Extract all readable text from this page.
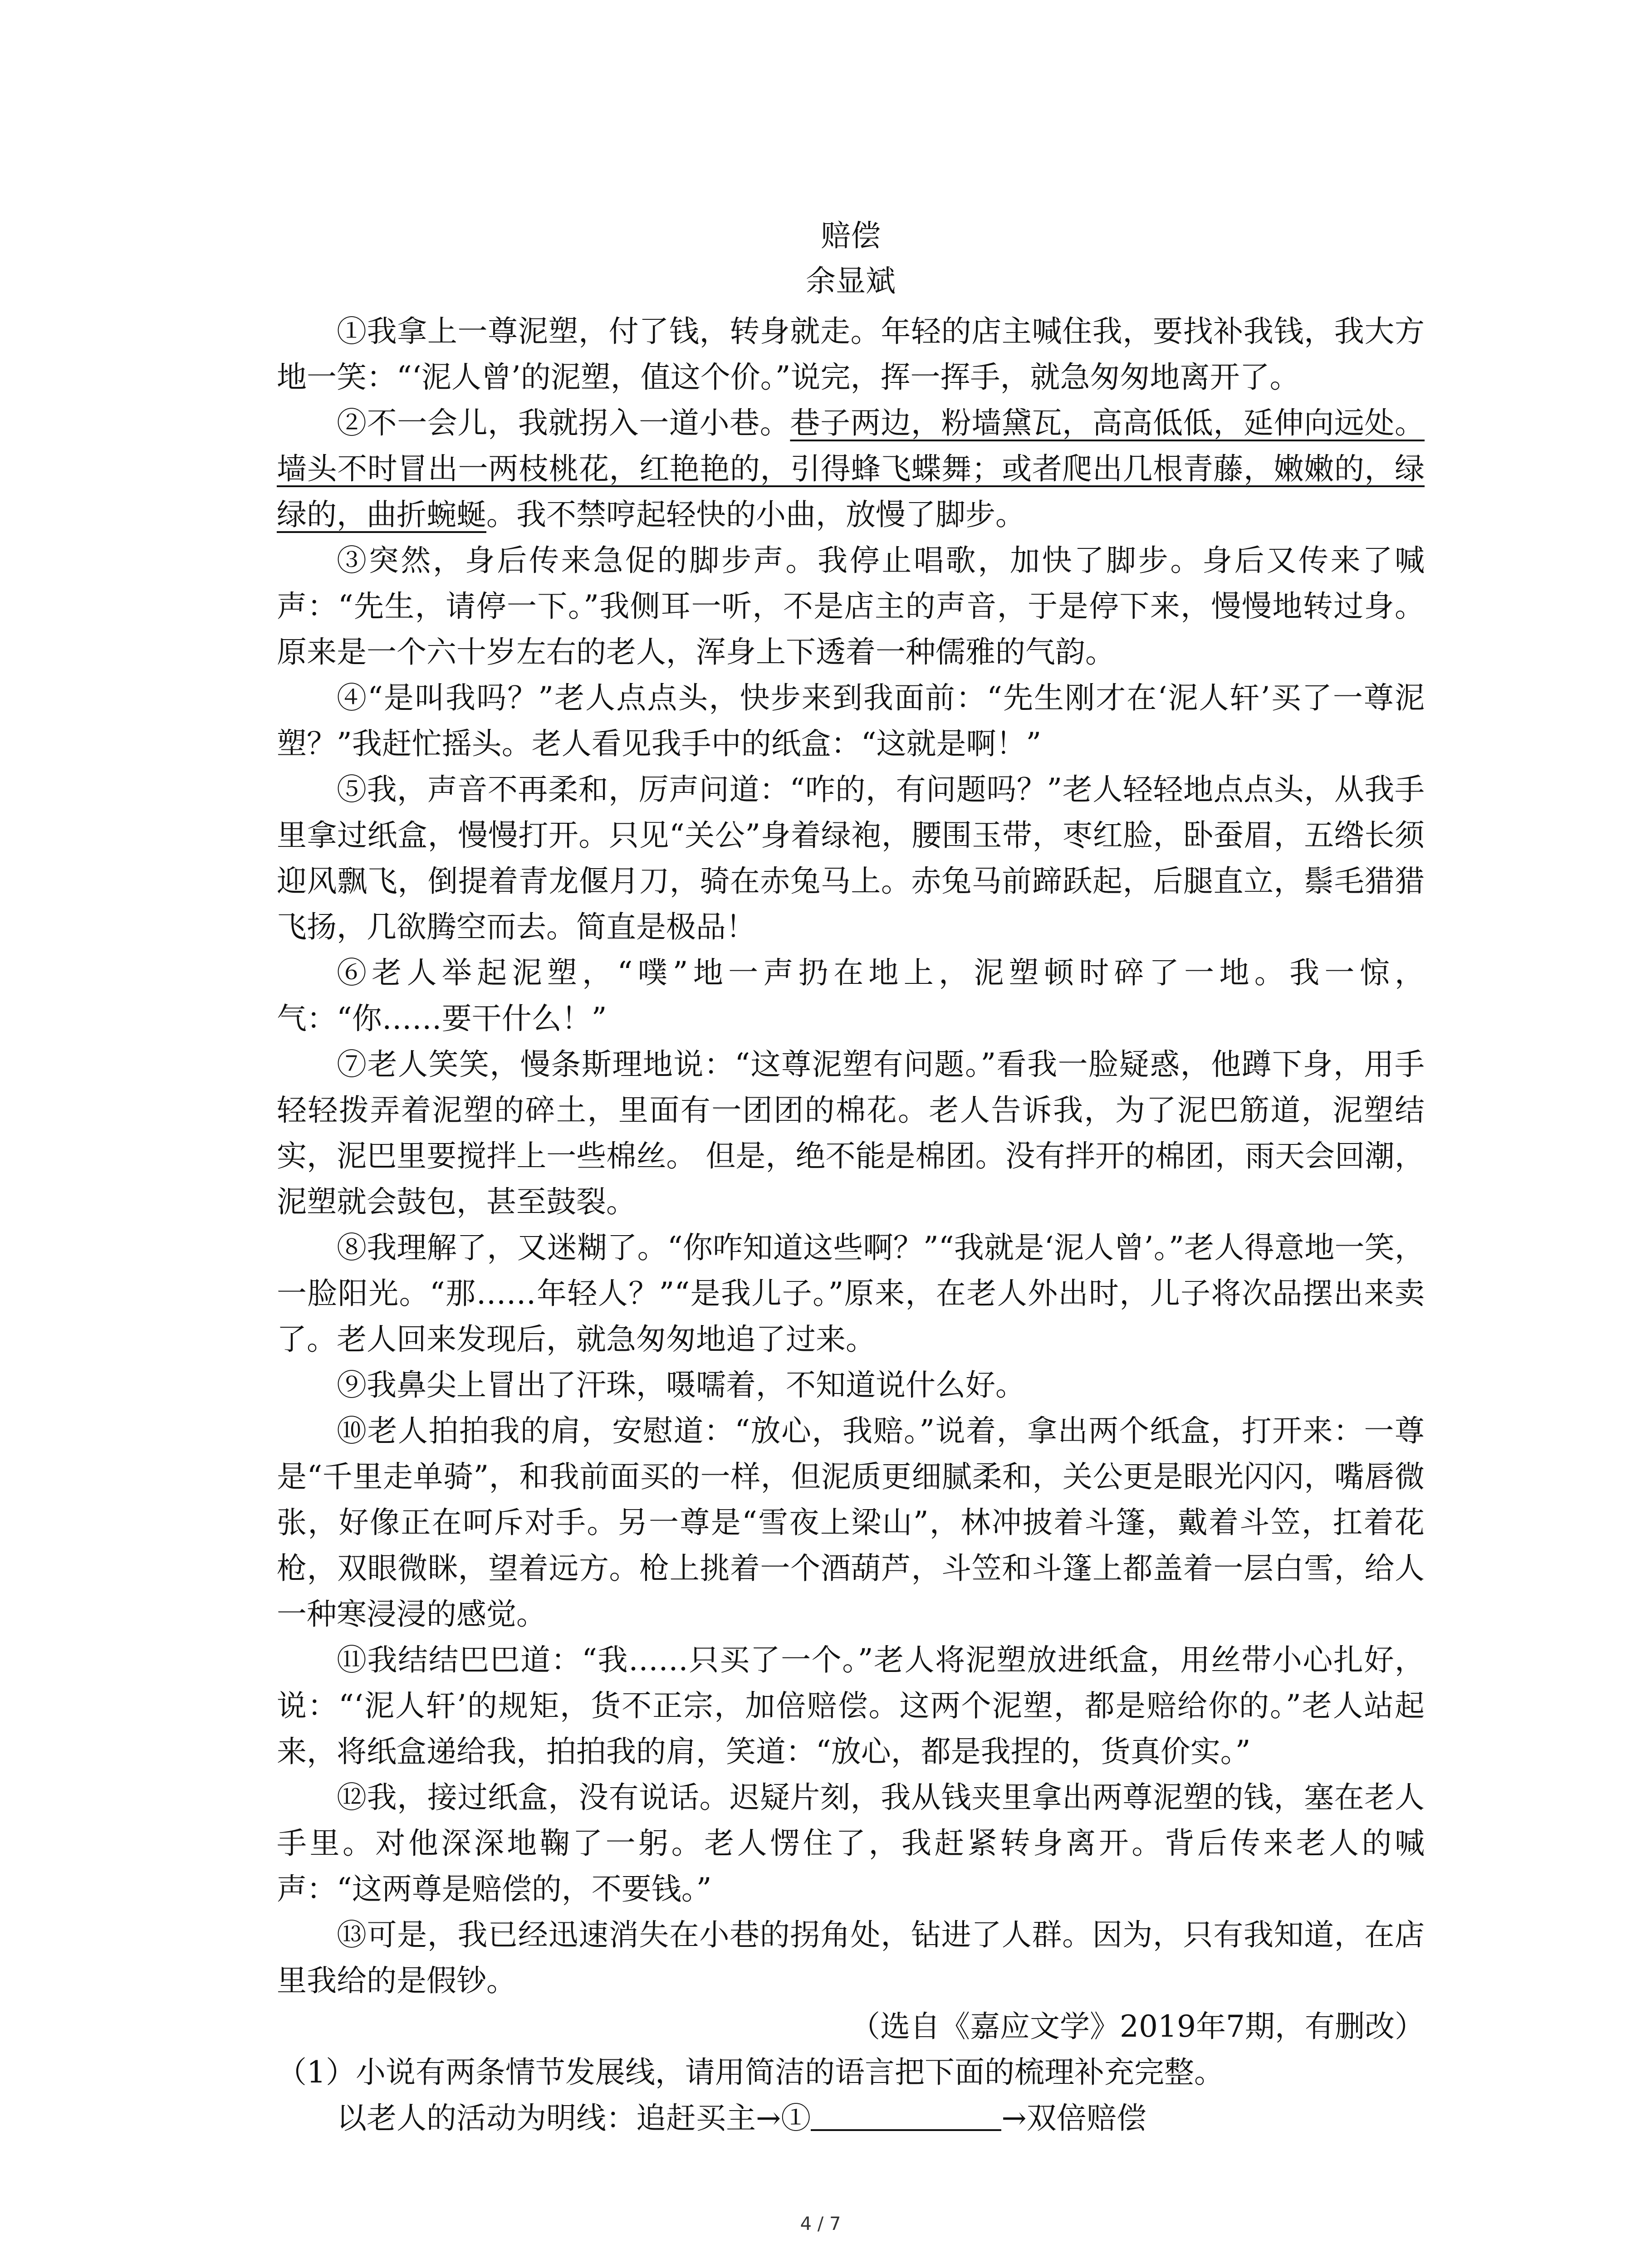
赔偿

余显斌

①我拿上一尊泥塑，付了钱，转身就走。年轻的店主喊住我，要找补我钱，我大方地一笑：“‘泥人曾’的泥塑，值这个价。”说完，挥一挥手，就急匆匆地离开了。

②不一会儿，我就拐入一道小巷。巷子两边，粉墙黛瓦，高高低低，延伸向远处。墙头不时冒出一两枝桃花，红艳艳的，引得蜂飞蝶舞；或者爬出几根青藤，嫩嫩的，绿绿的，曲折蜿蜒。我不禁哼起轻快的小曲，放慢了脚步。

③突然，身后传来急促的脚步声。我停止唱歌，加快了脚步。身后又传来了喊声：“先生，请停一下。”我侧耳一听，不是店主的声音，于是停下来，慢慢地转过身。原来是一个六十岁左右的老人，浑身上下透着一种儒雅的气韵。

④“是叫我吗？”老人点点头，快步来到我面前：“先生刚才在‘泥人轩’买了一尊泥塑？”我赶忙摇头。老人看见我手中的纸盒：“这就是啊！”

⑤我，声音不再柔和，厉声问道：“咋的，有问题吗？”老人轻轻地点点头，从我手里拿过纸盒，慢慢打开。只见“关公”身着绿袍，腰围玉带，枣红脸，卧蚕眉，五绺长须迎风飘飞，倒提着青龙偃月刀，骑在赤兔马上。赤兔马前蹄跃起，后腿直立，鬃毛猎猎飞扬，几欲腾空而去。简直是极品！

⑥老人举起泥塑，“噗”地一声扔在地上，泥塑顿时碎了一地。我一惊，气：“你……要干什么！”

⑦老人笑笑，慢条斯理地说：“这尊泥塑有问题。”看我一脸疑惑，他蹲下身，用手轻轻拨弄着泥塑的碎土，里面有一团团的棉花。老人告诉我，为了泥巴筋道，泥塑结实，泥巴里要搅拌上一些棉丝。 但是，绝不能是棉团。没有拌开的棉团，雨天会回潮，泥塑就会鼓包，甚至鼓裂。

⑧我理解了，又迷糊了。“你咋知道这些啊？”“我就是‘泥人曾’。”老人得意地一笑，一脸阳光。“那……年轻人？”“是我儿子。”原来，在老人外出时，儿子将次品摆出来卖了。老人回来发现后，就急匆匆地追了过来。

⑨我鼻尖上冒出了汗珠，嗫嚅着，不知道说什么好。

⑩老人拍拍我的肩，安慰道：“放心，我赔。”说着，拿出两个纸盒，打开来：一尊是“千里走单骑”，和我前面买的一样，但泥质更细腻柔和，关公更是眼光闪闪，嘴唇微张，好像正在呵斥对手。另一尊是“雪夜上梁山”，林冲披着斗篷，戴着斗笠，扛着花枪，双眼微眯，望着远方。枪上挑着一个酒葫芦，斗笠和斗篷上都盖着一层白雪，给人一种寒浸浸的感觉。

⑪我结结巴巴道：“我……只买了一个。”老人将泥塑放进纸盒，用丝带小心扎好，说：“‘泥人轩’的规矩，货不正宗，加倍赔偿。这两个泥塑，都是赔给你的。”老人站起来，将纸盒递给我，拍拍我的肩，笑道：“放心，都是我捏的，货真价实。”

⑫我，接过纸盒，没有说话。迟疑片刻，我从钱夹里拿出两尊泥塑的钱，塞在老人手里。对他深深地鞠了一躬。老人愣住了，我赶紧转身离开。背后传来老人的喊声：“这两尊是赔偿的，不要钱。”

⑬可是，我已经迅速消失在小巷的拐角处，钻进了人群。因为，只有我知道，在店里我给的是假钞。

（选自《嘉应文学》2019年7期，有删改）

（1）小说有两条情节发展线，请用简洁的语言把下面的梳理补充完整。

以老人的活动为明线：追赶买主→①	→双倍赔偿

4 / 7
